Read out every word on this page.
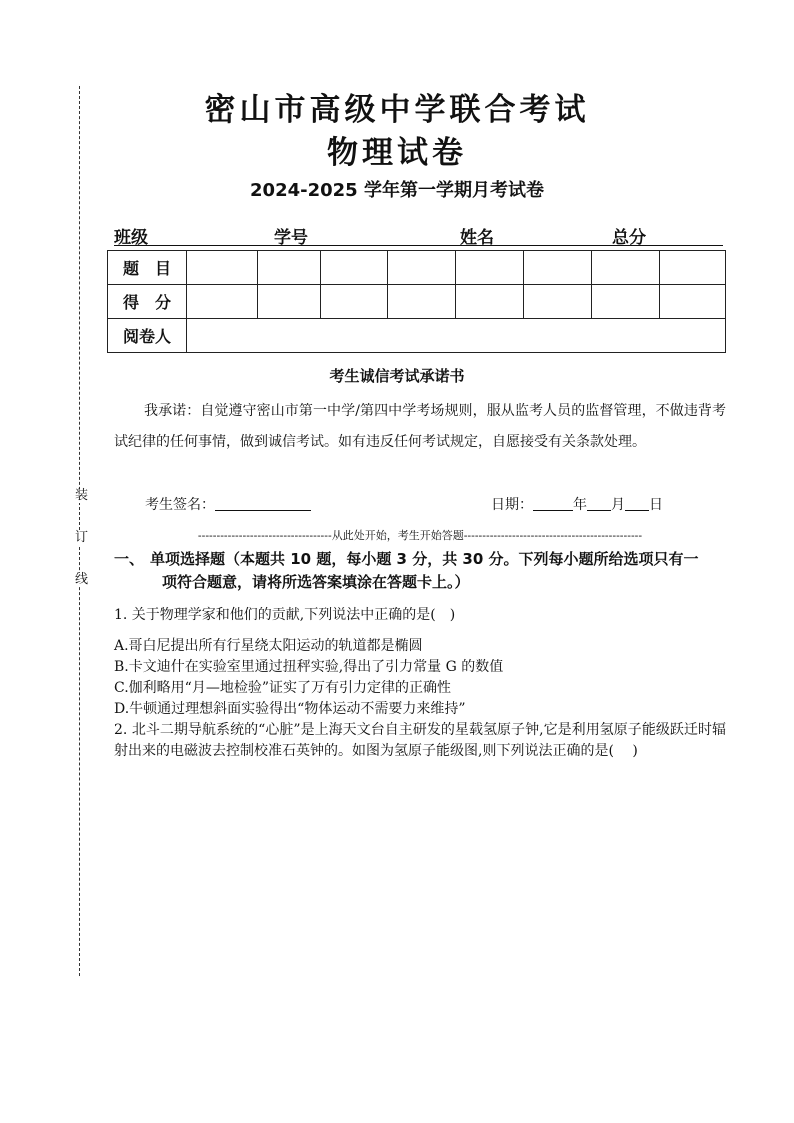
装
订
线
密山市高级中学联合考试
物理试卷
2024-2025 学年第一学期月考试卷
班级	学号	姓名	总分
题　目								
得　分								
阅卷人								
考生诚信考试承诺书
我承诺：自觉遵守密山市第一中学/第四中学考场规则，服从监考人员的监督管理，不做违背考试纪律的任何事情，做到诚信考试。如有违反任何考试规定，自愿接受有关条款处理。
考生签名：	日期：	年 月 日
------------------------------------从此处开始，考生开始答题------------------------------------------------
一、 单项选择题（本题共 10 题，每小题 3 分，共 30 分。下列每小题所给选项只有一
项符合题意，请将所选答案填涂在答题卡上。）
1. 关于物理学家和他们的贡献,下列说法中正确的是(　)
A.哥白尼提出所有行星绕太阳运动的轨道都是椭圆
B.卡文迪什在实验室里通过扭秤实验,得出了引力常量 G 的数值
C.伽利略用“月—地检验”证实了万有引力定律的正确性
D.牛顿通过理想斜面实验得出“物体运动不需要力来维持”
2. 北斗二期导航系统的“心脏”是上海天文台自主研发的星载氢原子钟,它是利用氢原子能级跃迁时辐射出来的电磁波去控制校准石英钟的。如图为氢原子能级图,则下列说法正确的是(　 )
